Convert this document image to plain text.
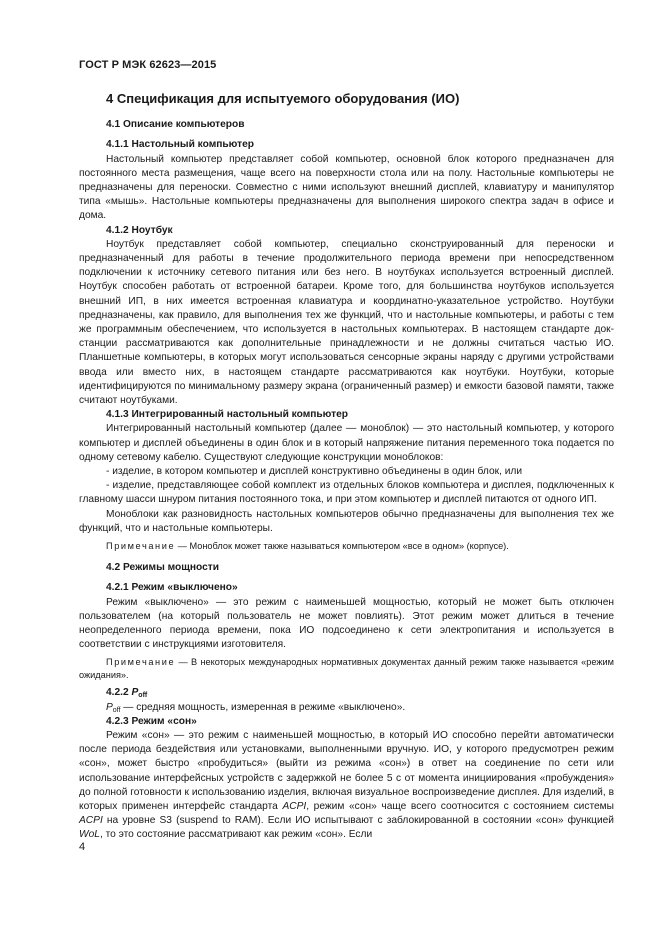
ГОСТ Р МЭК 62623—2015
4 Спецификация для испытуемого оборудования (ИО)
4.1 Описание компьютеров
4.1.1 Настольный компьютер

Настольный компьютер представляет собой компьютер, основной блок которого предназначен для постоянного места размещения, чаще всего на поверхности стола или на полу. Настольные компьютеры не предназначены для переноски. Совместно с ними используют внешний дисплей, клавиатуру и манипулятор типа «мышь». Настольные компьютеры предназначены для выполнения широкого спектра задач в офисе и дома.

4.1.2 Ноутбук

Ноутбук представляет собой компьютер, специально сконструированный для переноски и предназначенный для работы в течение продолжительного периода времени при непосредственном подключении к источнику сетевого питания или без него. В ноутбуках используется встроенный дисплей. Ноутбук способен работать от встроенной батареи. Кроме того, для большинства ноутбуков используется внешний ИП, в них имеется встроенная клавиатура и координатно-указательное устройство. Ноутбуки предназначены, как правило, для выполнения тех же функций, что и настольные компьютеры, и работы с тем же программным обеспечением, что используется в настольных компьютерах. В настоящем стандарте док-станции рассматриваются как дополнительные принадлежности и не должны считаться частью ИО. Планшетные компьютеры, в которых могут использоваться сенсорные экраны наряду с другими устройствами ввода или вместо них, в настоящем стандарте рассматриваются как ноутбуки. Ноутбуки, которые идентифицируются по минимальному размеру экрана (ограниченный размер) и емкости базовой памяти, также считают ноутбуками.

4.1.3 Интегрированный настольный компьютер

Интегрированный настольный компьютер (далее — моноблок) — это настольный компьютер, у которого компьютер и дисплей объединены в один блок и в который напряжение питания переменного тока подается по одному сетевому кабелю. Существуют следующие конструкции моноблоков:

- изделие, в котором компьютер и дисплей конструктивно объединены в один блок, или

- изделие, представляющее собой комплект из отдельных блоков компьютера и дисплея, подключенных к главному шасси шнуром питания постоянного тока, и при этом компьютер и дисплей питаются от одного ИП.

Моноблоки как разновидность настольных компьютеров обычно предназначены для выполнения тех же функций, что и настольные компьютеры.

Примечание — Моноблок может также называться компьютером «все в одном» (корпусе).

4.2 Режимы мощности
4.2.1 Режим «выключено»

Режим «выключено» — это режим с наименьшей мощностью, который не может быть отключен пользователем (на который пользователь не может повлиять). Этот режим может длиться в течение неопределенного периода времени, пока ИО подсоединено к сети электропитания и используется в соответствии с инструкциями изготовителя.

Примечание — В некоторых международных нормативных документах данный режим также называется «режим ожидания».

4.2.2 $P_{off}$

$P_{off}$ — средняя мощность, измеренная в режиме «выключено».

4.2.3 Режим «сон»

Режим «сон» — это режим с наименьшей мощностью, в который ИО способно перейти автоматически после периода бездействия или установками, выполненными вручную. ИО, у которого предусмотрен режим «сон», может быстро «пробудиться» (выйти из режима «сон») в ответ на соединение по сети или использование интерфейсных устройств с задержкой не более 5 с от момента инициирования «пробуждения» до полной готовности к использованию изделия, включая визуальное воспроизведение дисплея. Для изделий, в которых применен интерфейс стандарта ACPI, режим «сон» чаще всего соотносится с состоянием системы ACPI на уровне S3 (suspend to RAM). Если ИО испытывают с заблокированной в состоянии «сон» функцией WoL, то это состояние рассматривают как режим «сон». Если

4
